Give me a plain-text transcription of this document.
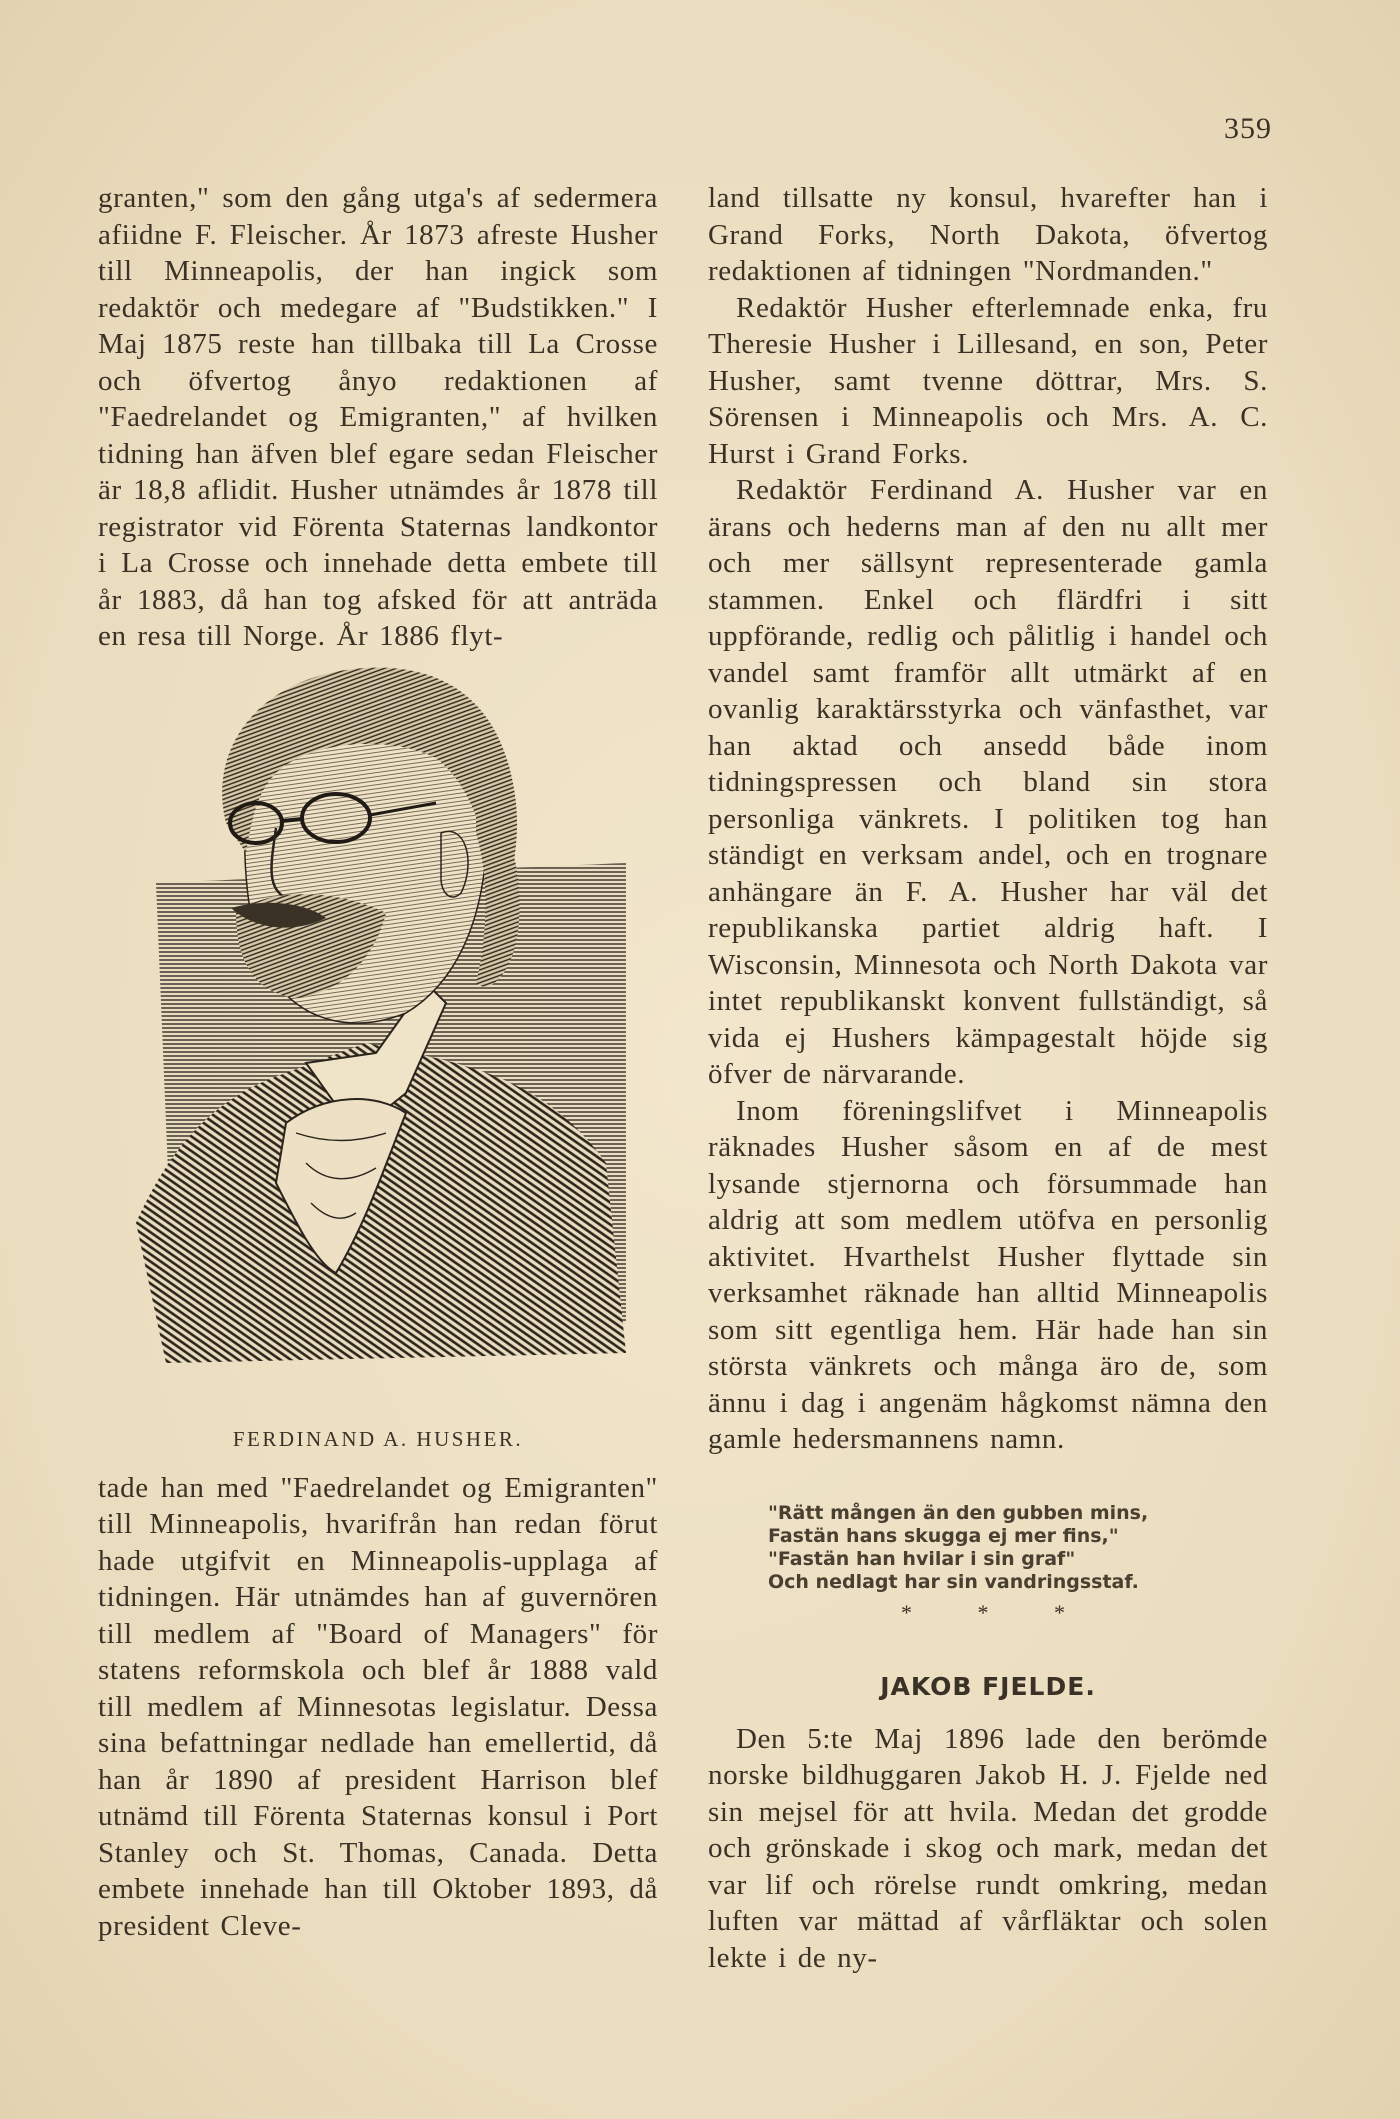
359

granten," som den gång utga's af sedermera afiidne F. Fleischer. År 1873 afreste Husher till Minneapolis, der han ingick som redaktör och medegare af "Budstikken." I Maj 1875 reste han tillbaka till La Crosse och öfvertog ånyo redaktionen af "Faedrelandet og Emigranten," af hvilken tidning han äfven blef egare sedan Fleischer är 18,8 aflidit. Husher utnämdes år 1878 till registrator vid Förenta Staternas landkontor i La Crosse och innehade detta embete till år 1883, då han tog afsked för att anträda en resa till Norge. År 1886 flyt-

FERDINAND A. HUSHER.

tade han med "Faedrelandet og Emigranten" till Minneapolis, hvarifrån han redan förut hade utgifvit en Minneapolis-upplaga af tidningen. Här utnämdes han af guvernören till medlem af "Board of Managers" för statens reformskola och blef år 1888 vald till medlem af Minnesotas legislatur. Dessa sina befattningar nedlade han emellertid, då han år 1890 af president Harrison blef utnämd till Förenta Staternas konsul i Port Stanley och St. Thomas, Canada. Detta embete innehade han till Oktober 1893, då president Cleve-

land tillsatte ny konsul, hvarefter han i Grand Forks, North Dakota, öfvertog redaktionen af tidningen "Nordmanden."

Redaktör Husher efterlemnade enka, fru Theresie Husher i Lillesand, en son, Peter Husher, samt tvenne döttrar, Mrs. S. Sörensen i Minneapolis och Mrs. A. C. Hurst i Grand Forks.

Redaktör Ferdinand A. Husher var en ärans och hederns man af den nu allt mer och mer sällsynt representerade gamla stammen. Enkel och flärdfri i sitt uppförande, redlig och pålitlig i handel och vandel samt framför allt utmärkt af en ovanlig karaktärsstyrka och vänfasthet, var han aktad och ansedd både inom tidningspressen och bland sin stora personliga vänkrets. I politiken tog han ständigt en verksam andel, och en trognare anhängare än F. A. Husher har väl det republikanska partiet aldrig haft. I Wisconsin, Minnesota och North Dakota var intet republikanskt konvent fullständigt, så vida ej Hushers kämpagestalt höjde sig öfver de närvarande.

Inom föreningslifvet i Minneapolis räknades Husher såsom en af de mest lysande stjernorna och försummade han aldrig att som medlem utöfva en personlig aktivitet. Hvarthelst Husher flyttade sin verksamhet räknade han alltid Minneapolis som sitt egentliga hem. Här hade han sin största vänkrets och många äro de, som ännu i dag i angenäm hågkomst nämna den gamle hedersmannens namn.

"Rätt mången än den gubben mins,
Fastän hans skugga ej mer fins,"
"Fastän han hvilar i sin graf"
Och nedlagt har sin vandringsstaf.
* * *
JAKOB FJELDE.

Den 5:te Maj 1896 lade den berömde norske bildhuggaren Jakob H. J. Fjelde ned sin mejsel för att hvila. Medan det grodde och grönskade i skog och mark, medan det var lif och rörelse rundt omkring, medan luften var mättad af vårfläktar och solen lekte i de ny-
